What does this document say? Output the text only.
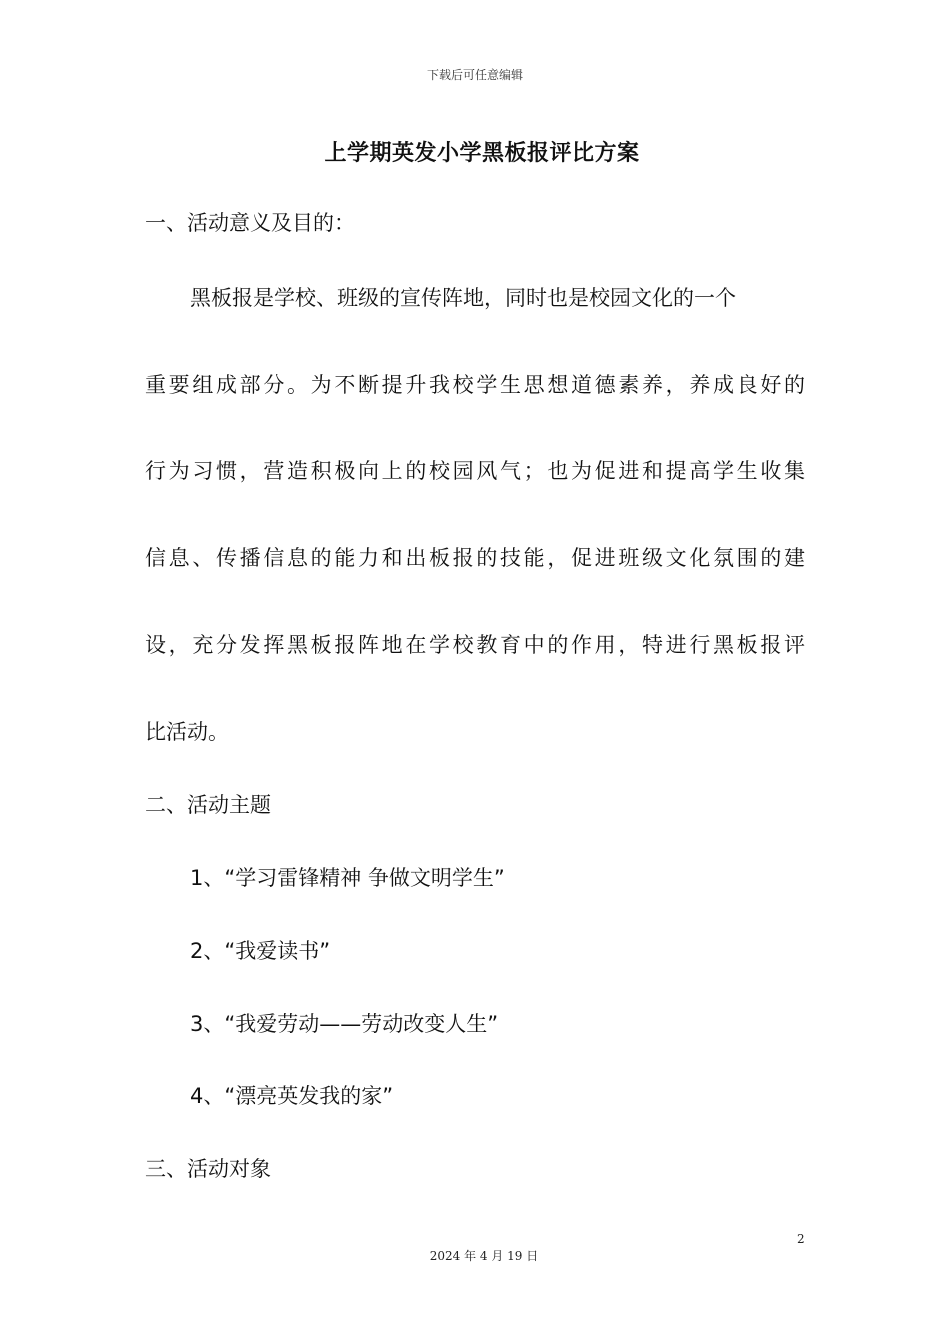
下载后可任意编辑
上学期英发小学黑板报评比方案
一、活动意义及目的：
黑板报是学校、班级的宣传阵地，同时也是校园文化的一个
重要组成部分。为不断提升我校学生思想道德素养，养成良好的
行为习惯，营造积极向上的校园风气；也为促进和提高学生收集
信息、传播信息的能力和出板报的技能，促进班级文化氛围的建
设，充分发挥黑板报阵地在学校教育中的作用，特进行黑板报评
比活动。
二、活动主题
1、“学习雷锋精神 争做文明学生”
2、“我爱读书”
3、“我爱劳动——劳动改变人生”
4、“漂亮英发我的家”
三、活动对象
2
2024 年 4 月 19 日
